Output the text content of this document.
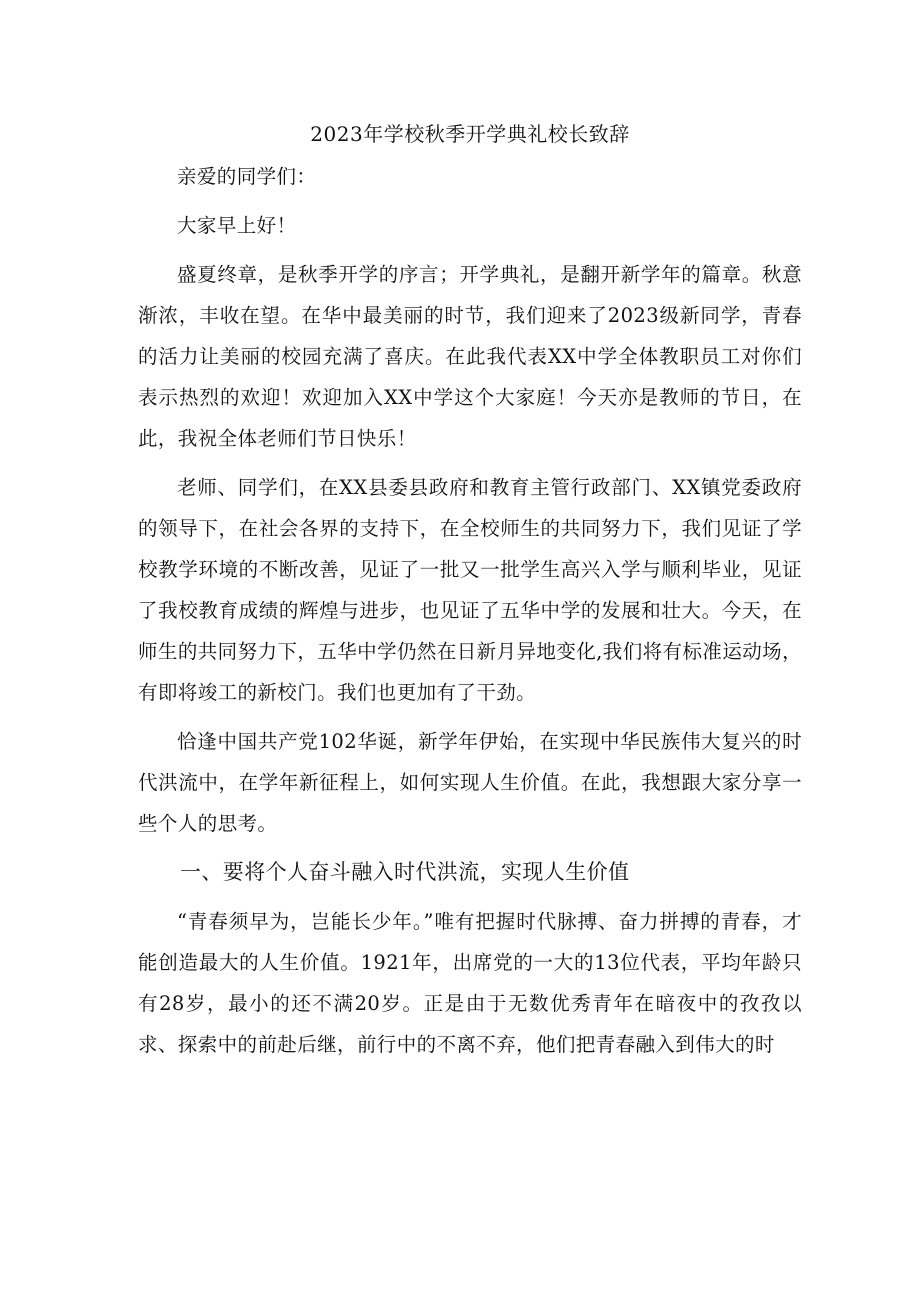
2023年学校秋季开学典礼校长致辞

亲爱的同学们：

大家早上好！

盛夏终章，是秋季开学的序言；开学典礼，是翻开新学年的篇章。秋意渐浓，丰收在望。在华中最美丽的时节，我们迎来了2023级新同学，青春的活力让美丽的校园充满了喜庆。在此我代表XX中学全体教职员工对你们表示热烈的欢迎！欢迎加入XX中学这个大家庭！今天亦是教师的节日，在此，我祝全体老师们节日快乐！

老师、同学们，在XX县委县政府和教育主管行政部门、XX镇党委政府的领导下，在社会各界的支持下，在全校师生的共同努力下，我们见证了学校教学环境的不断改善，见证了一批又一批学生高兴入学与顺利毕业，见证了我校教育成绩的辉煌与进步，也见证了五华中学的发展和壮大。今天，在师生的共同努力下，五华中学仍然在日新月异地变化,我们将有标准运动场，有即将竣工的新校门。我们也更加有了干劲。

恰逢中国共产党102华诞，新学年伊始，在实现中华民族伟大复兴的时代洪流中，在学年新征程上，如何实现人生价值。在此，我想跟大家分享一些个人的思考。

一、要将个人奋斗融入时代洪流，实现人生价值

“青春须早为，岂能长少年。”唯有把握时代脉搏、奋力拼搏的青春，才能创造最大的人生价值。1921年，出席党的一大的13位代表，平均年龄只有28岁，最小的还不满20岁。正是由于无数优秀青年在暗夜中的孜孜以求、探索中的前赴后继，前行中的不离不弃，他们把青春融入到伟大的时
